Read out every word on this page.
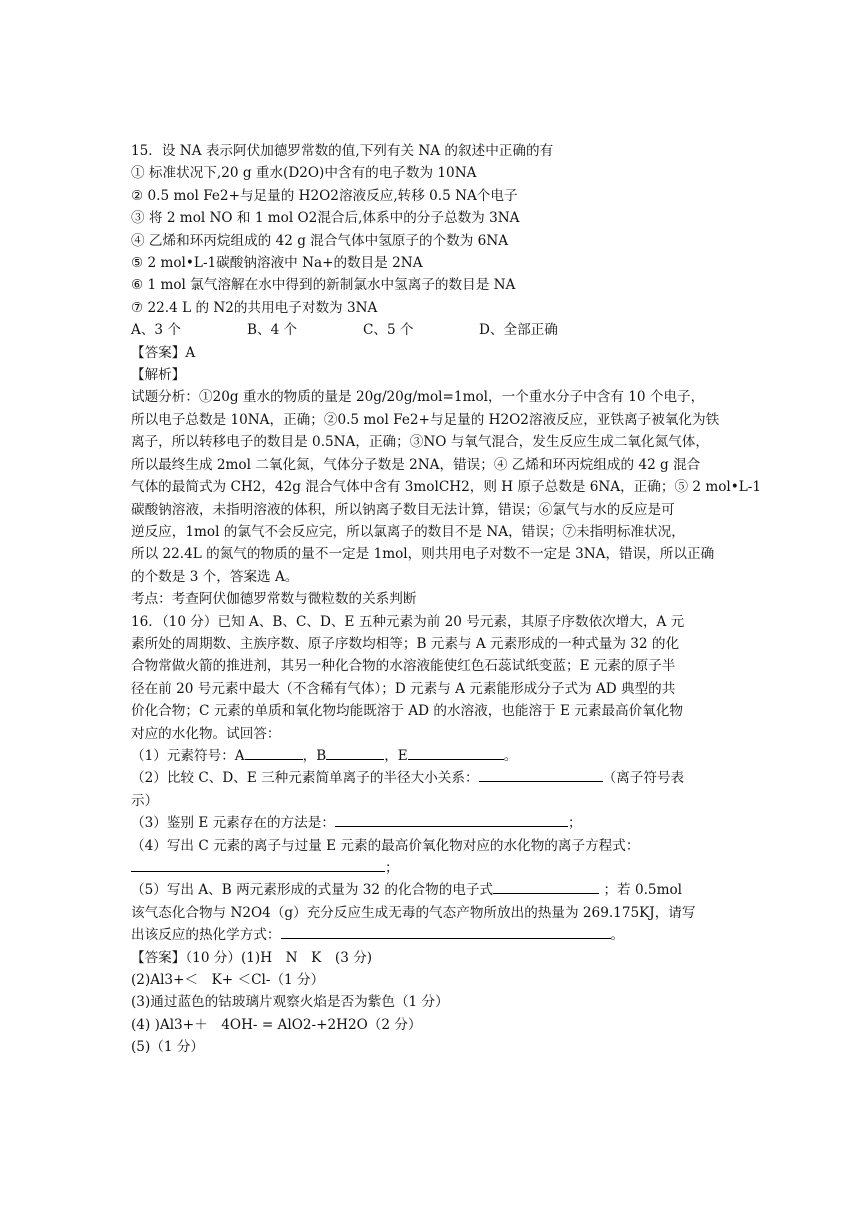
15．设 NA 表示阿伏加德罗常数的值,下列有关 NA 的叙述中正确的有
① 标准状况下,20 g 重水(D2O)中含有的电子数为 10NA
② 0.5 mol Fe2+与足量的 H2O2溶液反应,转移 0.5 NA个电子
③ 将 2 mol NO 和 1 mol O2混合后,体系中的分子总数为 3NA
④ 乙烯和环丙烷组成的 42 g 混合气体中氢原子的个数为 6NA
⑤ 2 mol•L-1碳酸钠溶液中 Na+的数目是 2NA
⑥ 1 mol 氯气溶解在水中得到的新制氯水中氢离子的数目是 NA
⑦ 22.4 L 的 N2的共用电子对数为 3NA
A、3 个	B、4 个	C、5 个	D、全部正确
【答案】A
【解析】
试题分析：①20g 重水的物质的量是 20g/20g/mol=1mol，一个重水分子中含有 10 个电子，
所以电子总数是 10NA，正确；②0.5 mol Fe2+与足量的 H2O2溶液反应，亚铁离子被氧化为铁
离子，所以转移电子的数目是 0.5NA，正确；③NO 与氧气混合，发生反应生成二氧化氮气体，
所以最终生成 2mol 二氧化氮，气体分子数是 2NA，错误；④ 乙烯和环丙烷组成的 42 g 混合
气体的最简式为 CH2，42g 混合气体中含有 3molCH2，则 H 原子总数是 6NA，正确；⑤ 2 mol•L-1
碳酸钠溶液，未指明溶液的体积，所以钠离子数目无法计算，错误；⑥氯气与水的反应是可
逆反应，1mol 的氯气不会反应完，所以氯离子的数目不是 NA，错误；⑦未指明标准状况，
所以 22.4L 的氮气的物质的量不一定是 1mol，则共用电子对数不一定是 3NA，错误，所以正确
的个数是 3 个，答案选 A。
考点：考查阿伏伽德罗常数与微粒数的关系判断
16．（10 分）已知 A、B、C、D、E 五种元素为前 20 号元素，其原子序数依次增大，A 元
素所处的周期数、主族序数、原子序数均相等；B 元素与 A 元素形成的一种式量为 32 的化
合物常做火箭的推进剂，其另一种化合物的水溶液能使红色石蕊试纸变蓝；E 元素的原子半
径在前 20 号元素中最大（不含稀有气体）；D 元素与 A 元素能形成分子式为 AD 典型的共
价化合物；C 元素的单质和氧化物均能既溶于 AD 的水溶液，也能溶于 E 元素最高价氧化物
对应的水化物。试回答：
（1）元素符号：A	，B	，E	。
（2）比较 C、D、E 三种元素简单离子的半径大小关系：	（离子符号表
示）
（3）鉴别 E 元素存在的方法是：	；
（4）写出 C 元素的离子与过量 E 元素的最高价氧化物对应的水化物的离子方程式：
；
（5）写出 A、B 两元素形成的式量为 32 的化合物的电子式	；若 0.5mol
该气态化合物与 N2O4（g）充分反应生成无毒的气态产物所放出的热量为 269.175KJ，请写
出该反应的热化学方式：	。
【答案】（10 分）(1)H　N　K　(3 分)
(2)Al3+＜　K+ ＜Cl-（1 分）
(3)通过蓝色的钴玻璃片观察火焰是否为紫色（1 分）
(4) )Al3+＋　4OH- = AlO2-+2H2O（2 分）
(5)（1 分）
